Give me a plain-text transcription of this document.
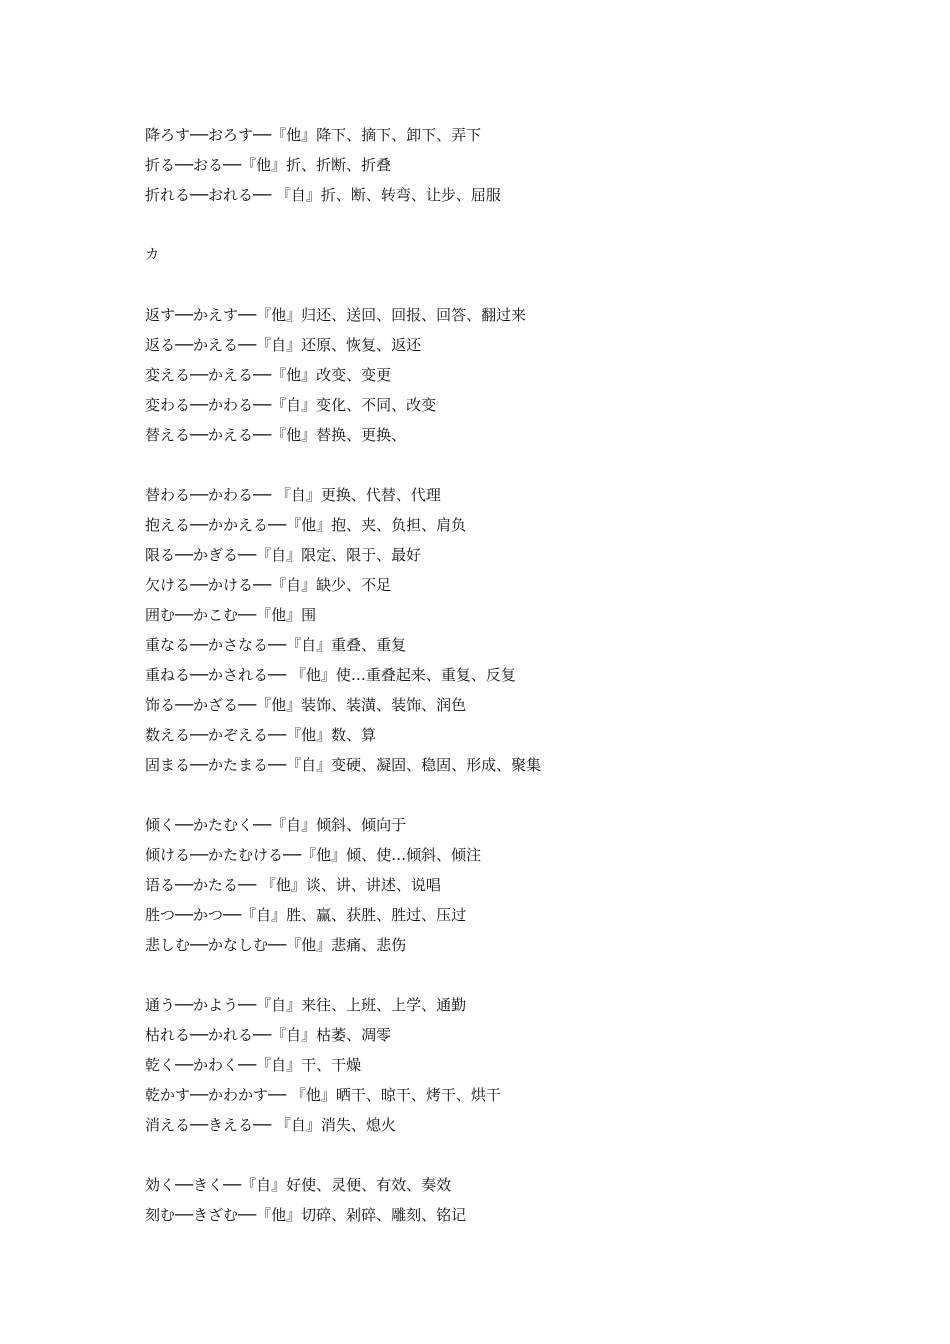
降ろす──おろす──『他』降下、摘下、卸下、弄下
折る──おる──『他』折、折断、折叠
折れる──おれる── 『自』折、断、转弯、让步、屈服
カ
返す──かえす──『他』归还、送回、回报、回答、翻过来
返る──かえる──『自』还原、恢复、返还
変える──かえる──『他』改变、变更
変わる──かわる──『自』变化、不同、改变
替える──かえる──『他』替换、更换、
替わる──かわる── 『自』更换、代替、代理
抱える──かかえる──『他』抱、夹、负担、肩负
限る──かぎる──『自』限定、限于、最好
欠ける──かける──『自』缺少、不足
囲む──かこむ──『他』围
重なる──かさなる──『自』重叠、重复
重ねる──かされる── 『他』使…重叠起来、重复、反复
饰る──かざる──『他』装饰、装潢、装饰、润色
数える──かぞえる──『他』数、算
固まる──かたまる──『自』变硬、凝固、稳固、形成、聚集
倾く──かたむく──『自』倾斜、倾向于
倾ける──かたむける──『他』倾、使…倾斜、倾注
语る──かたる── 『他』谈、讲、讲述、说唱
胜つ──かつ──『自』胜、赢、获胜、胜过、压过
悲しむ──かなしむ──『他』悲痛、悲伤
通う──かよう──『自』来往、上班、上学、通勤
枯れる──かれる──『自』枯萎、凋零
乾く──かわく──『自』干、干燥
乾かす──かわかす── 『他』晒干、晾干、烤干、烘干
消える──きえる── 『自』消失、熄火
効く──きく──『自』好使、灵便、有效、奏效
刻む──きざむ──『他』切碎、剁碎、雕刻、铭记
